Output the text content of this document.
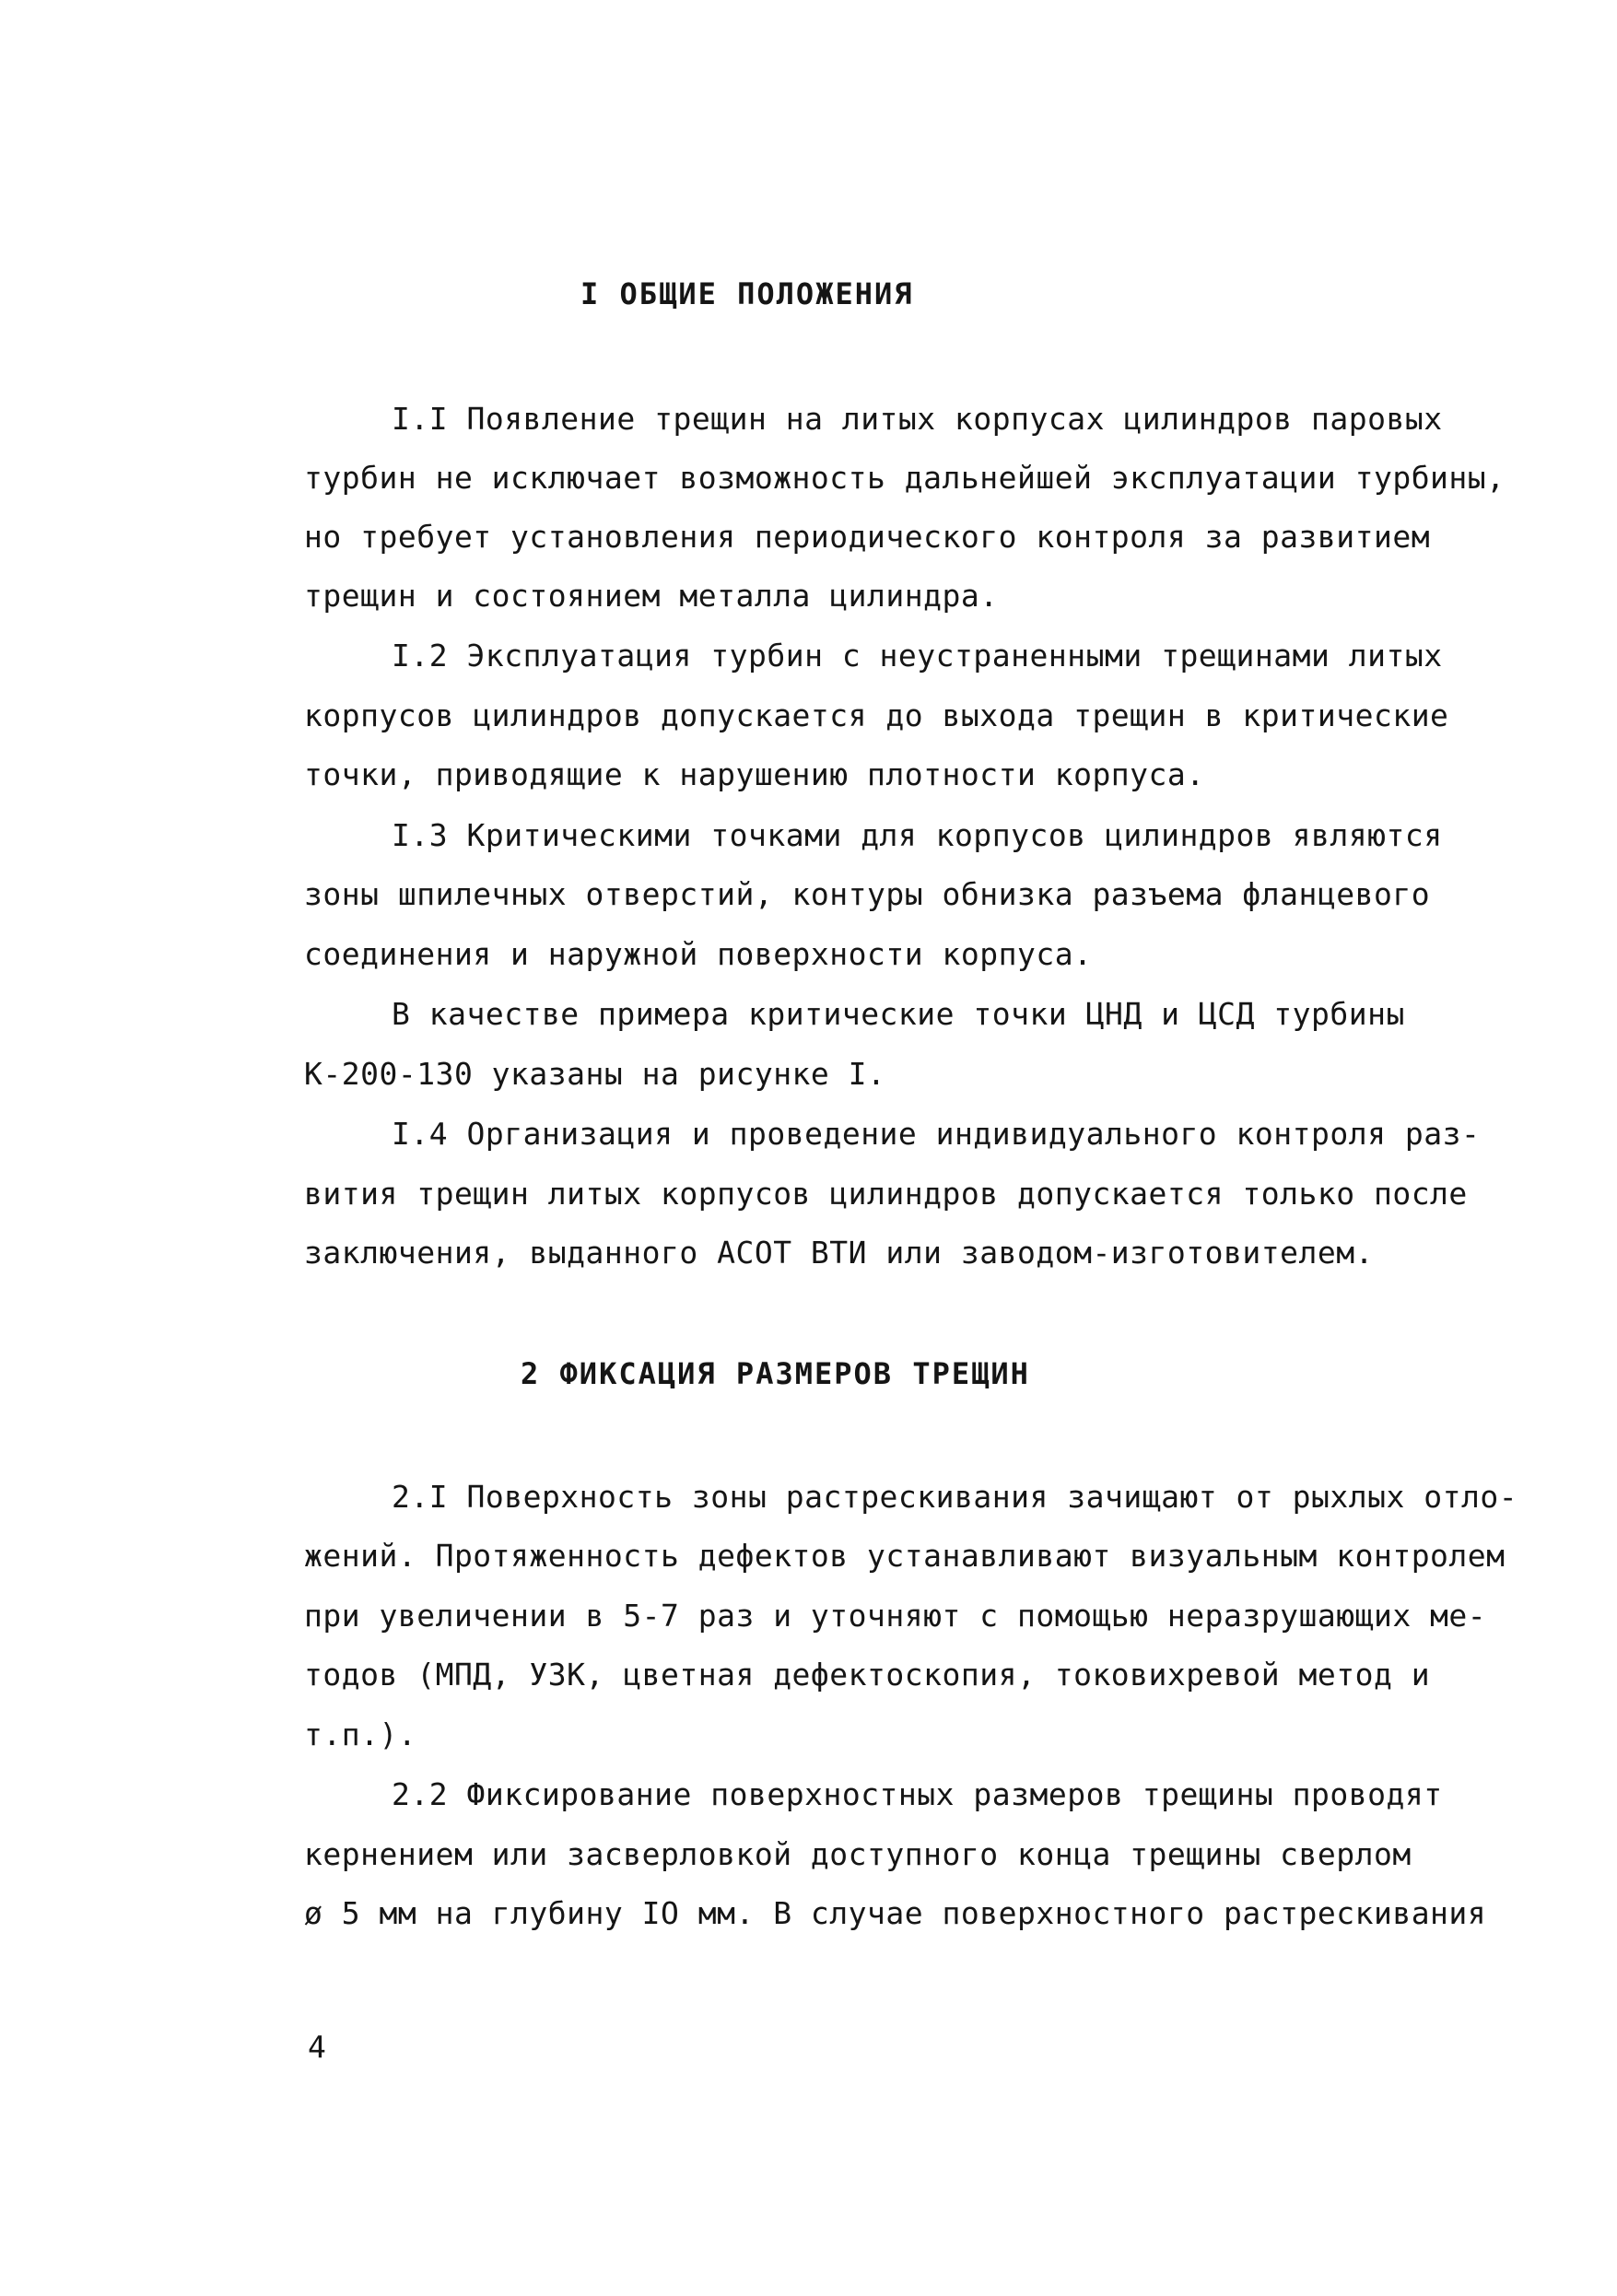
I ОБЩИЕ ПОЛОЖЕНИЯ
I.I Появление трещин на литых корпусах цилиндров паровых
турбин не исключает возможность дальнейшей эксплуатации турбины,
но требует установления периодического контроля за развитием
трещин и состоянием металла цилиндра.
I.2 Эксплуатация турбин с неустраненными трещинами литых
корпусов цилиндров допускается до выхода трещин в критические
точки, приводящие к нарушению плотности корпуса.
I.3 Критическими точками для корпусов цилиндров являются
зоны шпилечных отверстий, контуры обнизка разъема фланцевого
соединения и наружной поверхности корпуса.
В качестве примера критические точки ЦНД и ЦСД турбины
К-200-130 указаны на рисунке I.
I.4 Организация и проведение индивидуального контроля раз-
вития трещин литых корпусов цилиндров допускается только после
заключения, выданного АСОТ ВТИ или заводом-изготовителем.
2 ФИКСАЦИЯ РАЗМЕРОВ ТРЕЩИН
2.I Поверхность зоны растрескивания зачищают от рыхлых отло-
жений. Протяженность дефектов устанавливают визуальным контролем
при увеличении в 5-7 раз и уточняют с помощью неразрушающих ме-
тодов (МПД, УЗК, цветная дефектоскопия, токовихревой метод и
т.п.).
2.2 Фиксирование поверхностных размеров трещины проводят
кернением или засверловкой доступного конца трещины сверлом
ø 5 мм на глубину IO мм. В случае поверхностного растрескивания
4
